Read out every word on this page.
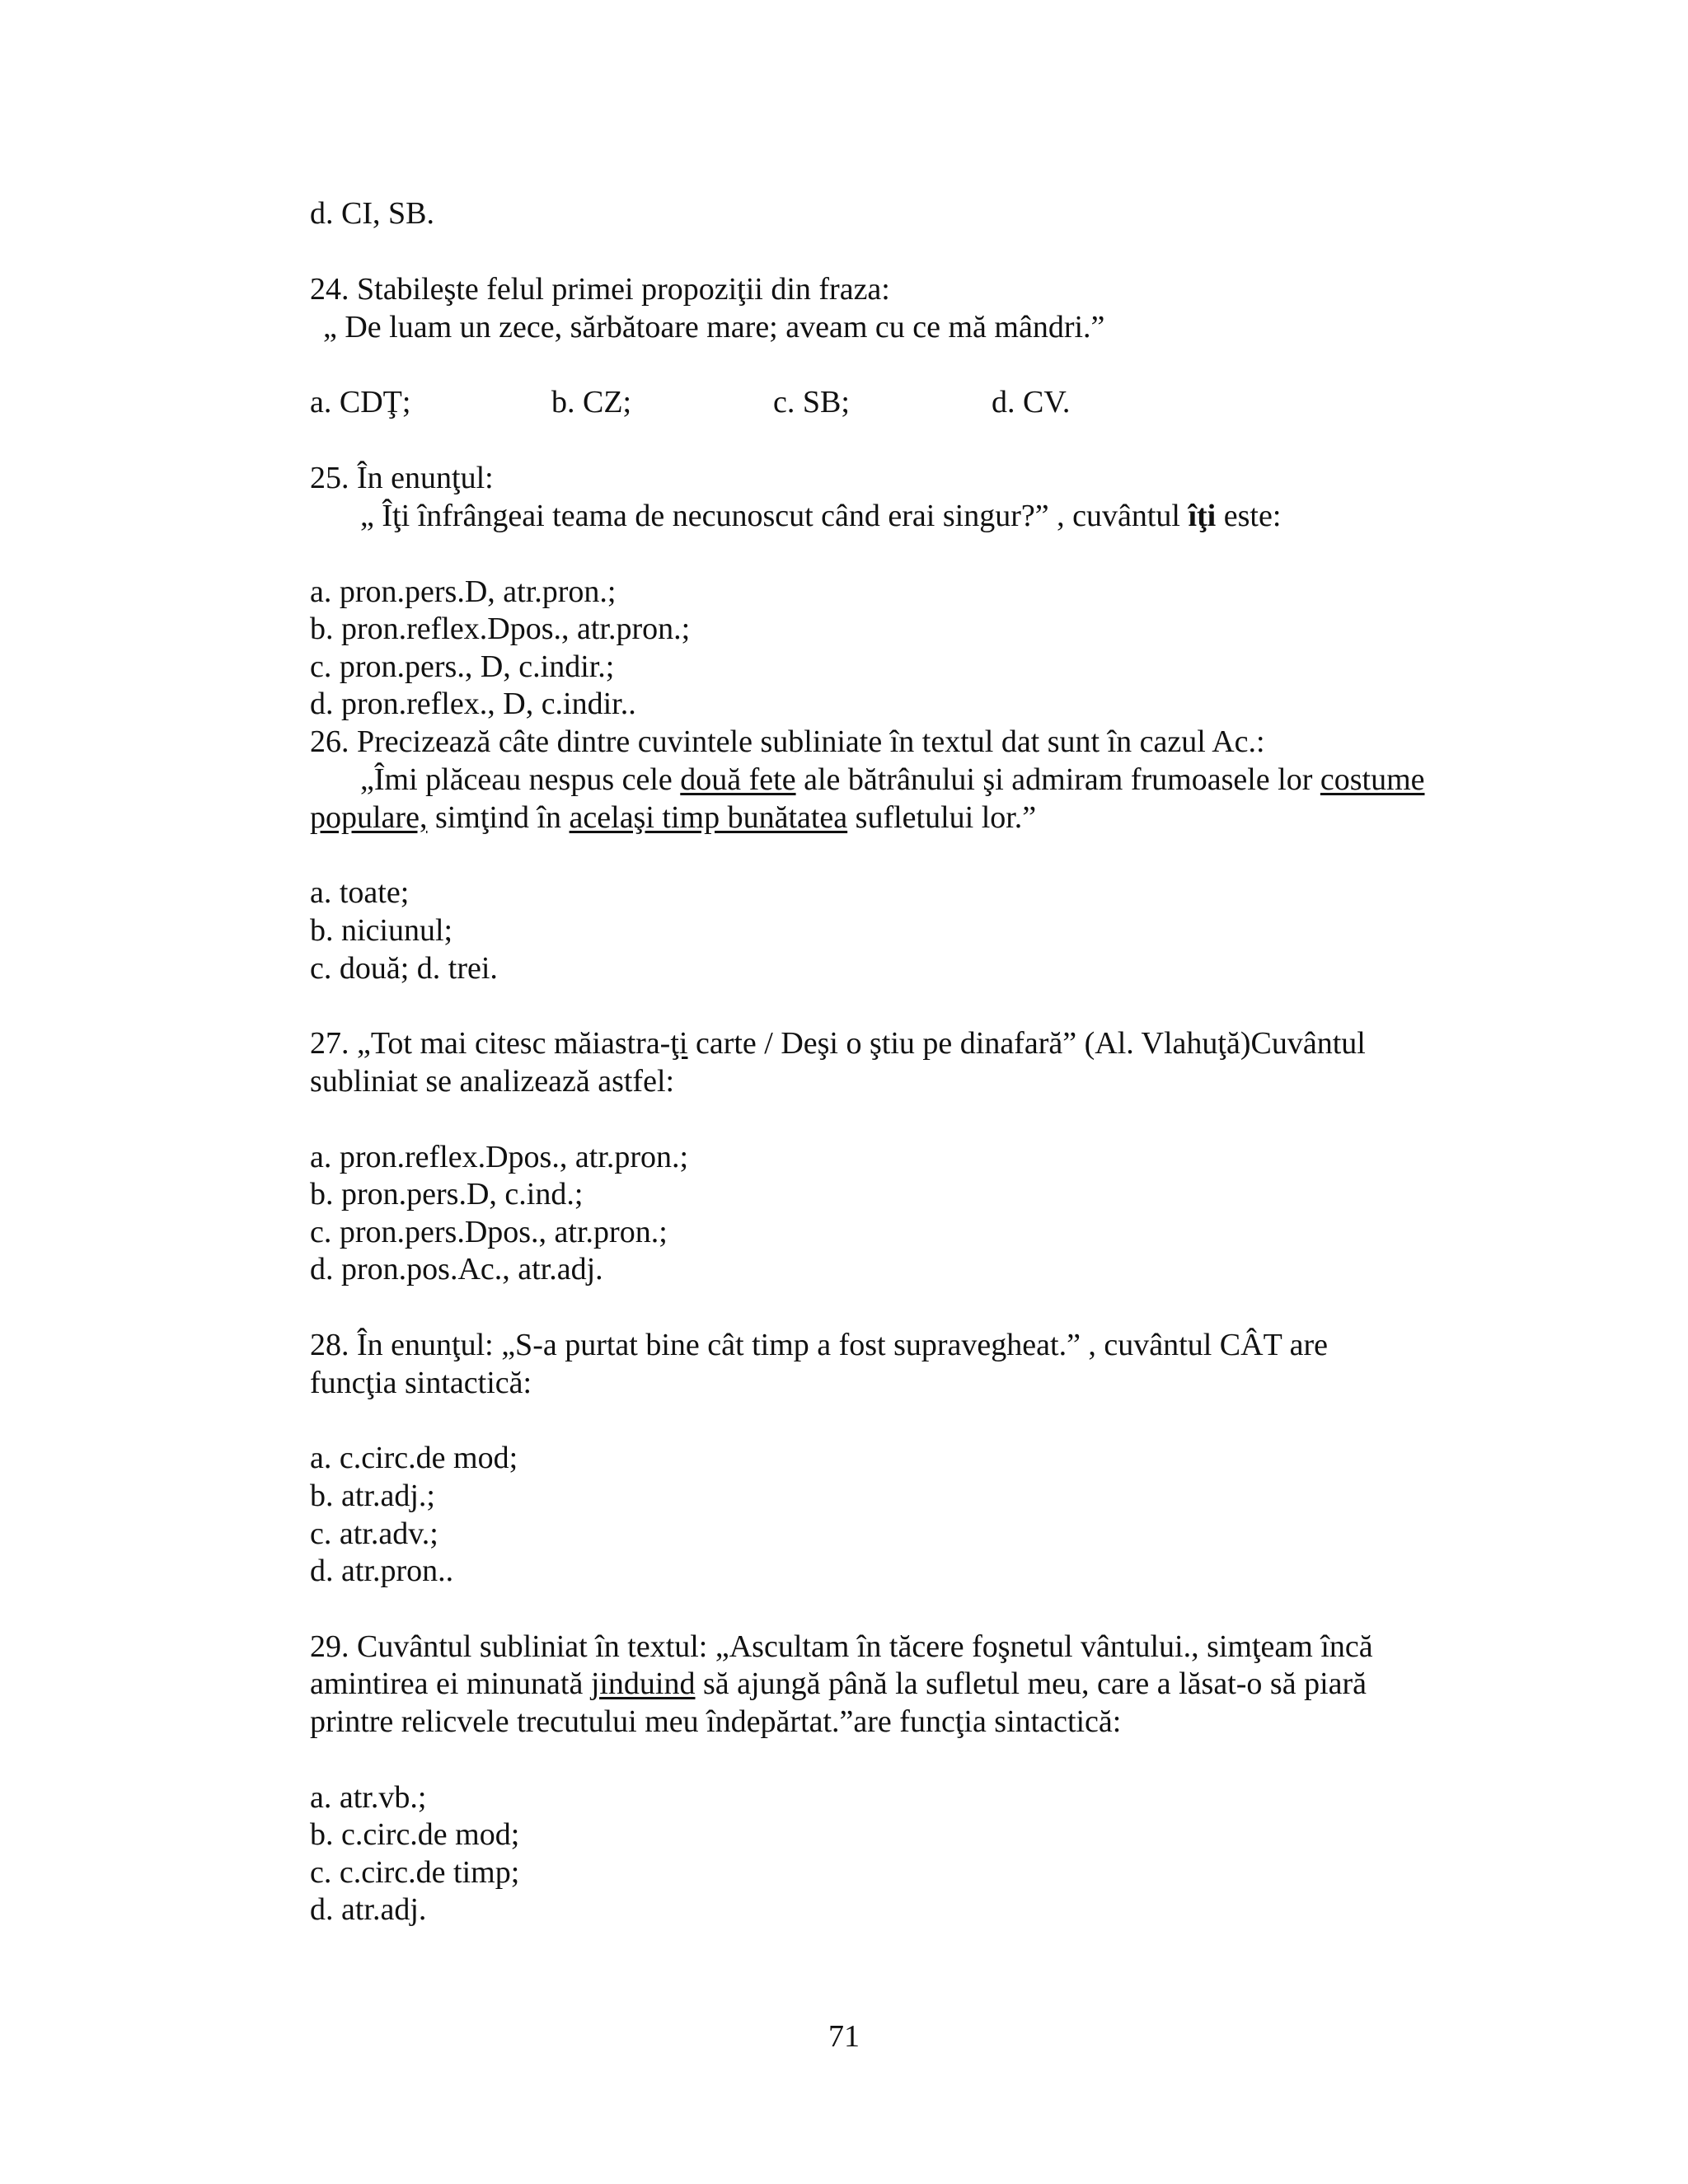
d. CI, SB.
24. Stabileşte felul primei propoziţii din fraza:
„ De luam un zece, sărbătoare mare; aveam cu ce mă mândri.”
a. CDŢ;	b. CZ;	c. SB;	d. CV.
25. În enunţul:
„ Îţi înfrângeai teama de necunoscut când erai singur?” , cuvântul îţi este:
a. pron.pers.D, atr.pron.;
b. pron.reflex.Dpos., atr.pron.;
c. pron.pers., D, c.indir.;
d. pron.reflex., D, c.indir..
26. Precizează câte dintre cuvintele subliniate în textul dat sunt în cazul Ac.:
„Îmi plăceau nespus cele două fete ale bătrânului şi admiram frumoasele lor costume
populare, simţind în acelaşi timp bunătatea sufletului lor.”
a. toate;
b. niciunul;
c. două; d. trei.
27. „Tot mai citesc măiastra-ţi carte / Deşi o ştiu pe dinafară” (Al. Vlahuţă)Cuvântul
subliniat se analizează astfel:
a. pron.reflex.Dpos., atr.pron.;
b. pron.pers.D, c.ind.;
c. pron.pers.Dpos., atr.pron.;
d. pron.pos.Ac., atr.adj.
28. În enunţul: „S-a purtat bine cât timp a fost supravegheat.” , cuvântul CÂT are
funcţia sintactică:
a. c.circ.de mod;
b. atr.adj.;
c. atr.adv.;
d. atr.pron..
29. Cuvântul subliniat în textul: „Ascultam în tăcere foşnetul vântului., simţeam încă
amintirea ei minunată jinduind să ajungă până la sufletul meu, care a lăsat-o să piară
printre relicvele trecutului meu îndepărtat.”are funcţia sintactică:
a. atr.vb.;
b. c.circ.de mod;
c. c.circ.de timp;
d. atr.adj.
71
